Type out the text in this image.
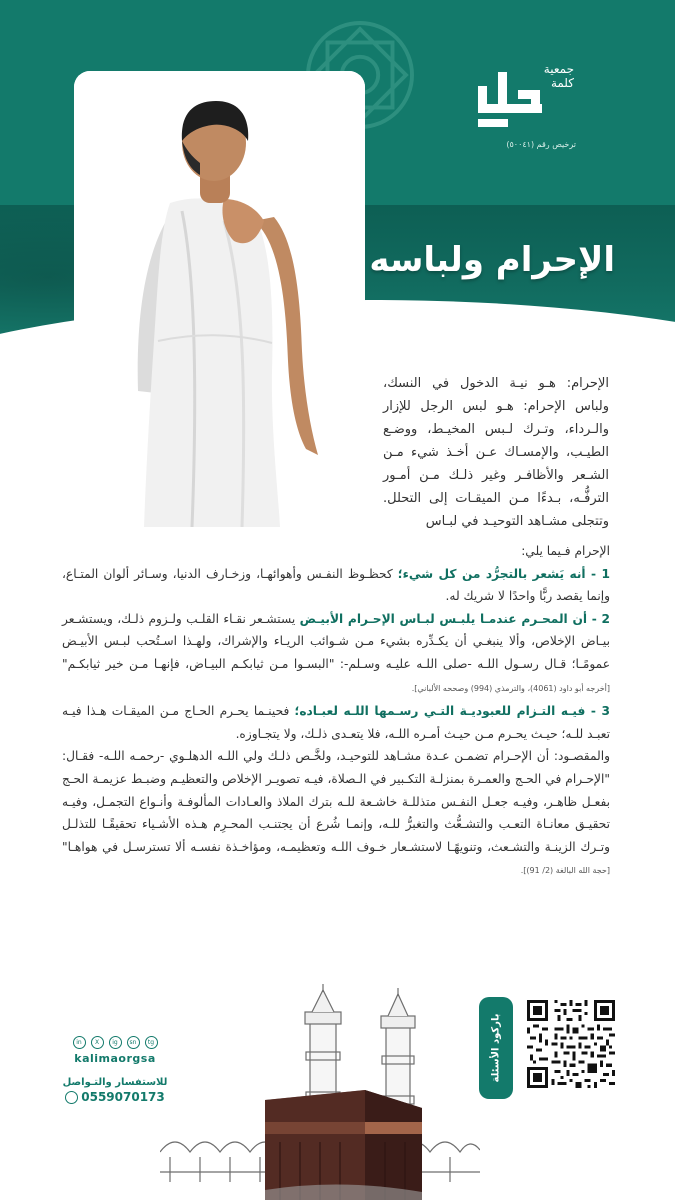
جمعية
كلمة
ترخيص رقم (٥٠٠٤١)
الإحرام ولباسه
الإحرام: هـو نيـة الدخول في النسك، ولباس الإحرام: هـو لبس الرجل للإزار والـرداء، وتـرك لـبس المخيـط، ووضـع الطيـب، والإمسـاك عـن أخـذ شيء مـن الشـعر والأظافـر وغير ذلـك مـن أمـور الترفُّـه، بـدءًا مـن الميقـات إلى التحلل. وتتجلى مشـاهد التوحيـد في لبـاس

الإحرام فـيما يلي:

1 - أنه يَشعر بالتجرُّد من كل شيء؛ كحظـوظ النفـس وأهوائهـا، وزخـارف الدنيا، وسـائر ألوان المتـاع، وإنما يقصد ربًّا واحدًا لا شريك له.

2 - أن المحـرم عندمـا يلبـس لبـاس الإحـرام الأبيـض يستشـعر نقـاء القلـب ولـزوم ذلـك، ويستشـعر بيـاض الإخلاص، وألا ينبغـي أن يكـدِّره بشيء مـن شـوائب الريـاء والإشراك، ولهـذا اسـتُحب لبـس الأبيـض عمومًـا؛ قـال رسـول اللـه -صلى اللـه عليـه وسـلم-: "البسـوا مـن ثيابكـم البيـاض، فإنهـا مـن خير ثيابكـم" [أخرجه أبو داود (4061)، والترمذي (994) وصححه الألباني].

3 - فيـه التـزام للعبوديـة التـي رسـمها اللـه لعبـاده؛ فحينـما يحـرم الحـاج مـن الميقـات هـذا فيـه تعبـد للـه؛ حيـث يحـرم مـن حيـث أمـره اللـه، فلا يتعـدى ذلـك، ولا يتجـاوزه.

والمقصـود: أن الإحـرام تضمـن عـدة مشـاهد للتوحيـد، ولخَّـص ذلـك ولي اللـه الدهلـوي -رحمـه اللـه- فقـال: "الإحـرام في الحـج والعمـرة بمنزلـة التكـبير في الـصلاة، فيـه تصويـر الإخلاص والتعظيـم وضبـط عزيمـة الحـج بفعـل ظاهـر، وفيـه جعـل النفـس متذللـة خاشـعة للـه بترك الملاذ والعـادات المألوفـة وأنـواع التجمـل، وفيـه تحقيـق معانـاة التعـب والتشـعُّث والتغبرُّ للـه، وإنمـا شُرع أن يجتنـب المحـرِم هـذه الأشـياء تحقيقًـا للتذلـل وتـرك الزينـة والتشـعث، وتنويهًـا لاستشـعار خـوف اللـه وتعظيمـه، ومؤاخـذة نفسـه ألا تسترسـل في هواهـا" [حجة الله البالغة (2/ 91)].

in	X	ig	sn	tg
kalimaorgsa
للاستفسار والتـواصل
0559070173
باركود الأسئلة
